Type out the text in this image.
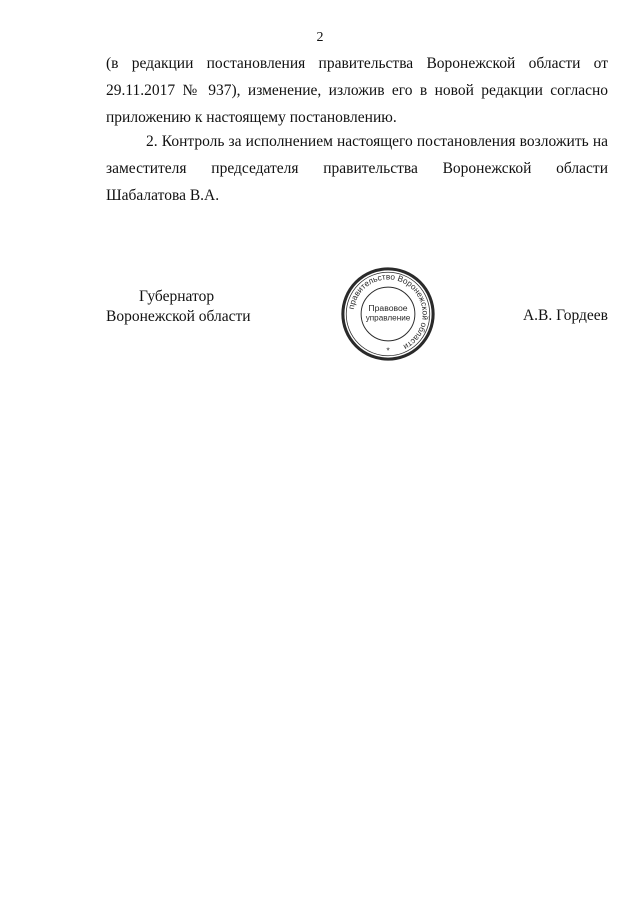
2
(в редакции постановления правительства Воронежской области от
29.11.2017 № 937), изменение, изложив его в новой редакции согласно
приложению к настоящему постановлению.
2. Контроль за исполнением настоящего постановления возложить на
заместителя председателя правительства Воронежской области
Шабалатова В.А.
Губернатор
Воронежской области
правительство Воронежской области
Правовое
управление
*
А.В. Гордеев
